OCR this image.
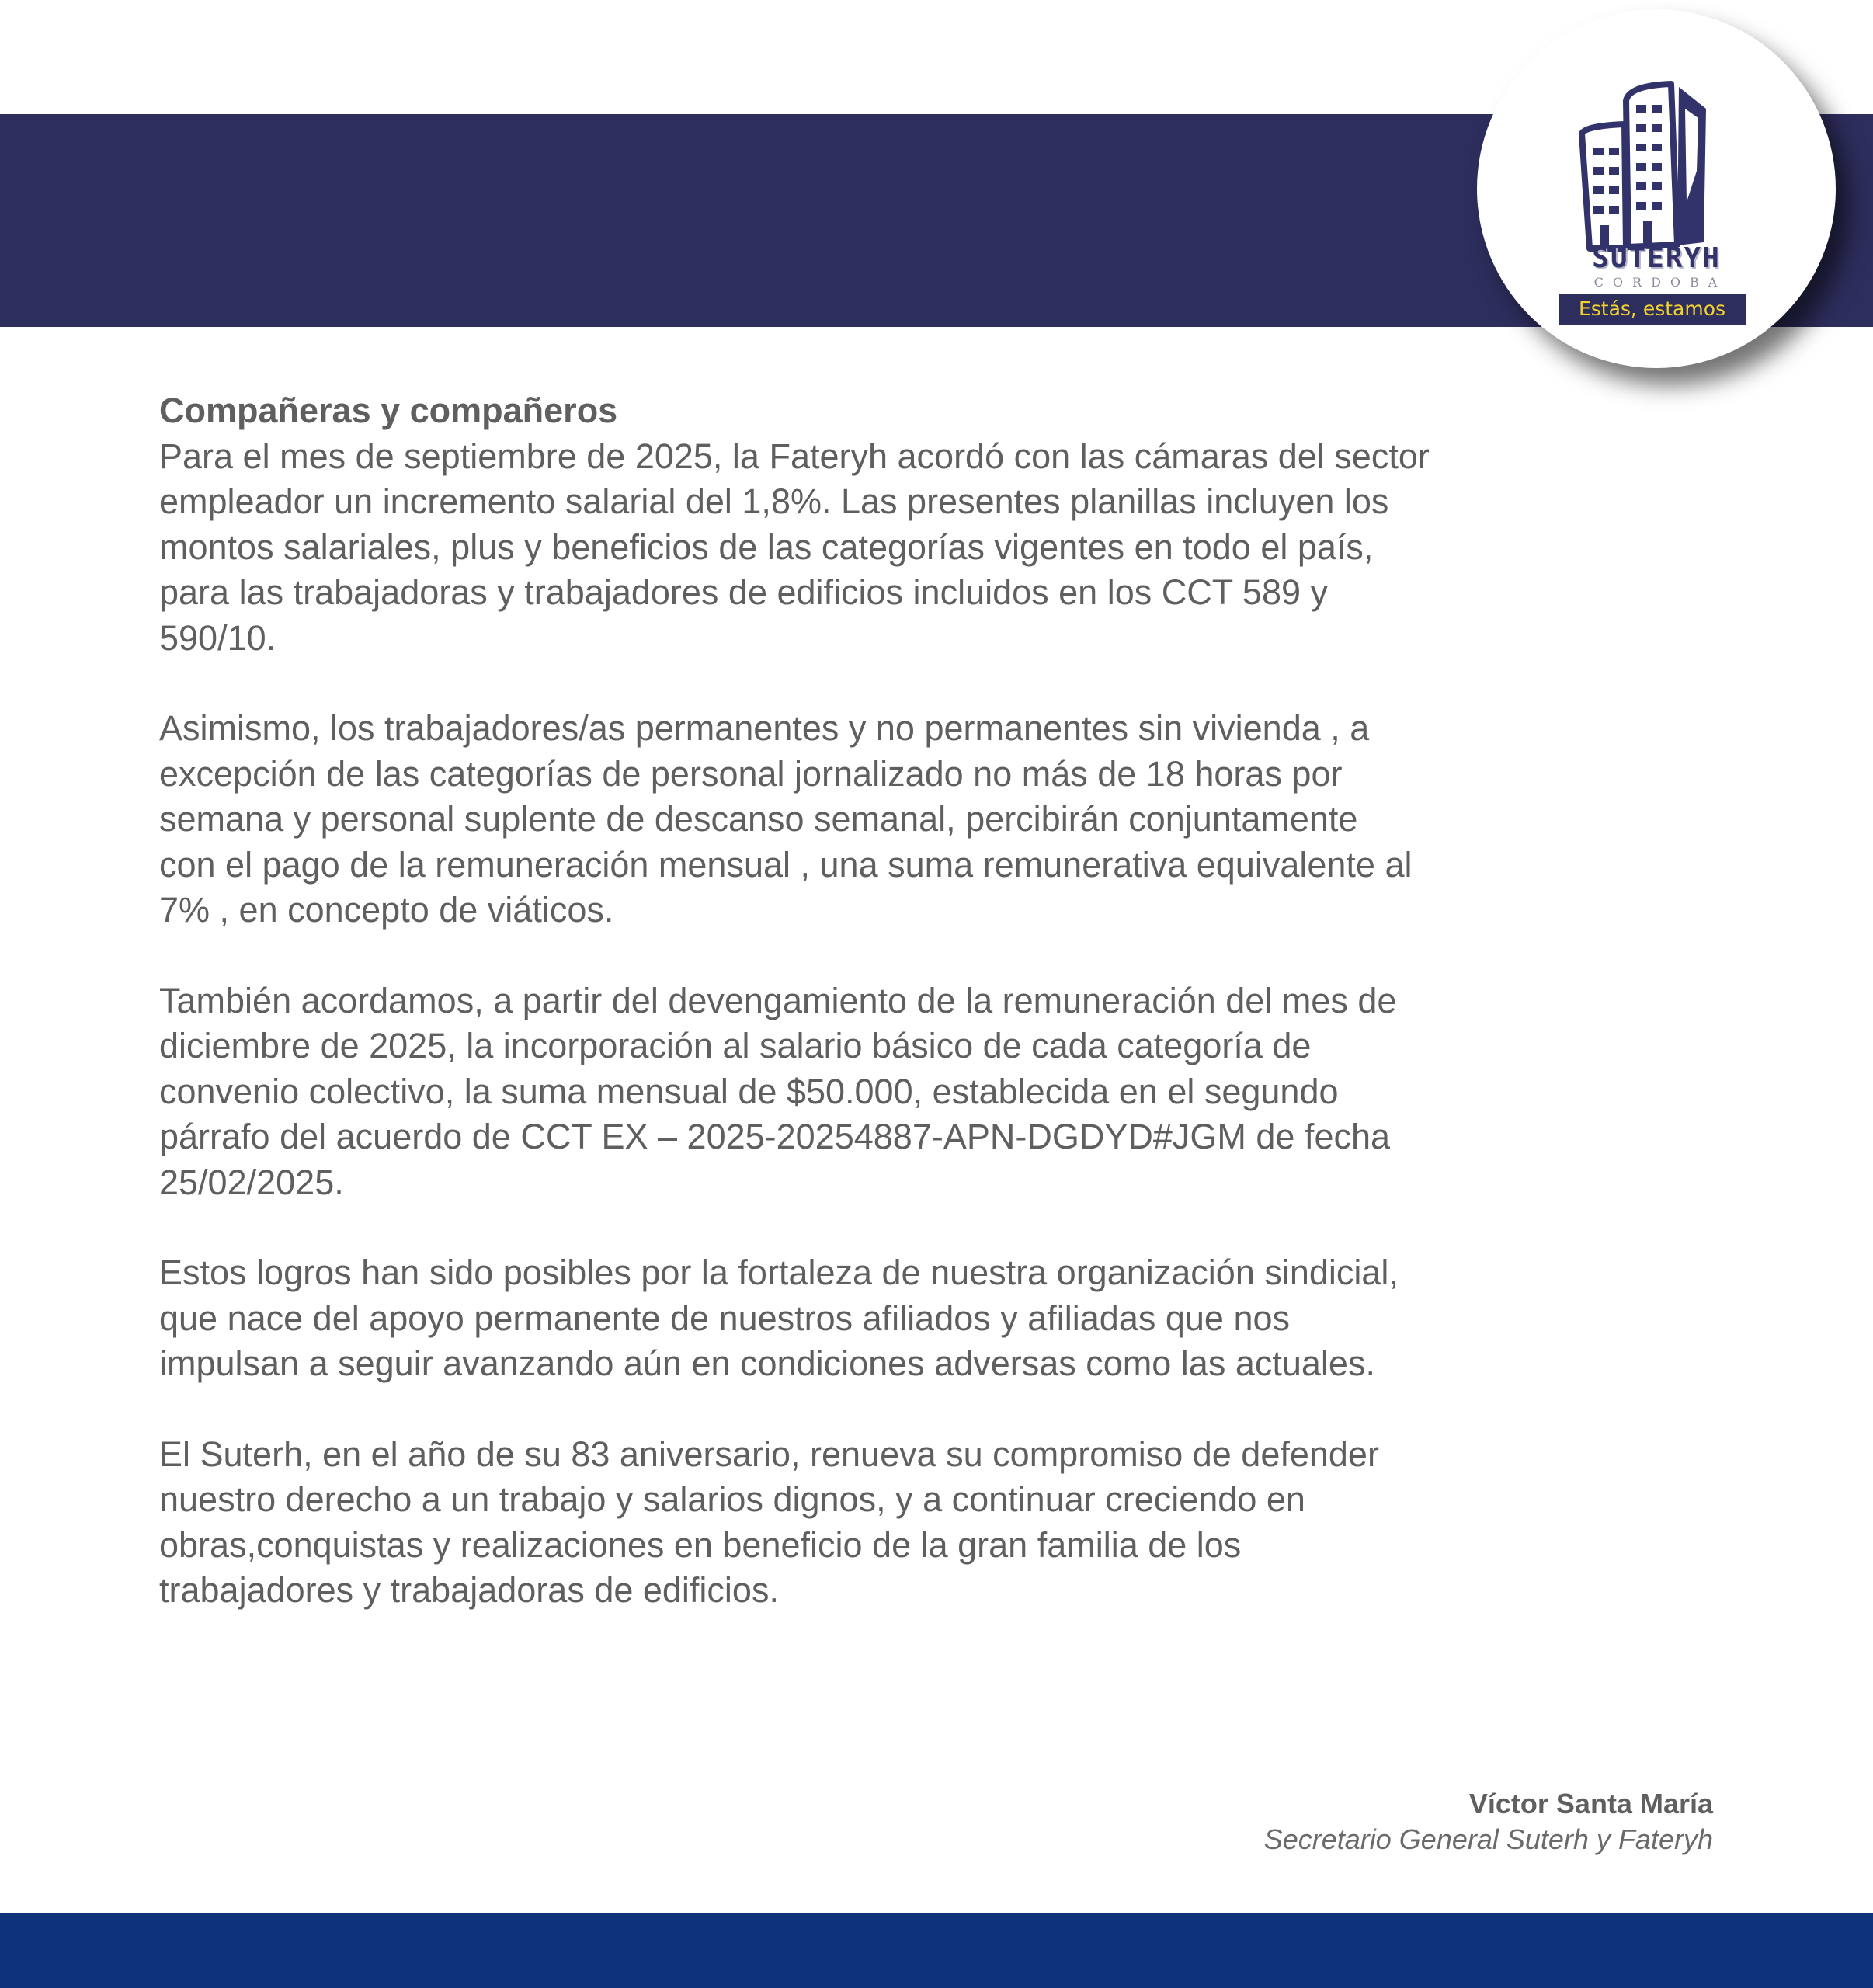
SUTERYH
CORDOBA
Estás, estamos
Compañeras y compañeros
Para el mes de septiembre de 2025, la Fateryh acordó con las cámaras del sector
empleador un incremento salarial del 1,8%. Las presentes planillas incluyen los
montos salariales, plus y beneficios de las categorías vigentes en todo el país,
para las trabajadoras y trabajadores de edificios incluidos en los CCT 589 y
590/10.
Asimismo, los trabajadores/as permanentes y no permanentes sin vivienda , a
excepción de las categorías de personal jornalizado no más de 18 horas por
semana y personal suplente de descanso semanal, percibirán conjuntamente
con el pago de la remuneración mensual , una suma remunerativa equivalente al
7% , en concepto de viáticos.
También acordamos, a partir del devengamiento de la remuneración del mes de
diciembre de 2025, la incorporación al salario básico de cada categoría de
convenio colectivo, la suma mensual de $50.000, establecida en el segundo
párrafo del acuerdo de CCT EX – 2025-20254887-APN-DGDYD#JGM de fecha
25/02/2025.
Estos logros han sido posibles por la fortaleza de nuestra organización sindicial,
que nace del apoyo permanente de nuestros afiliados y afiliadas que nos
impulsan a seguir avanzando aún en condiciones adversas como las actuales.
El Suterh, en el año de su 83 aniversario, renueva su compromiso de defender
nuestro derecho a un trabajo y salarios dignos, y a continuar creciendo en
obras,conquistas y realizaciones en beneficio de la gran familia de los
trabajadores y trabajadoras de edificios.
Víctor Santa María
Secretario General Suterh y Fateryh
